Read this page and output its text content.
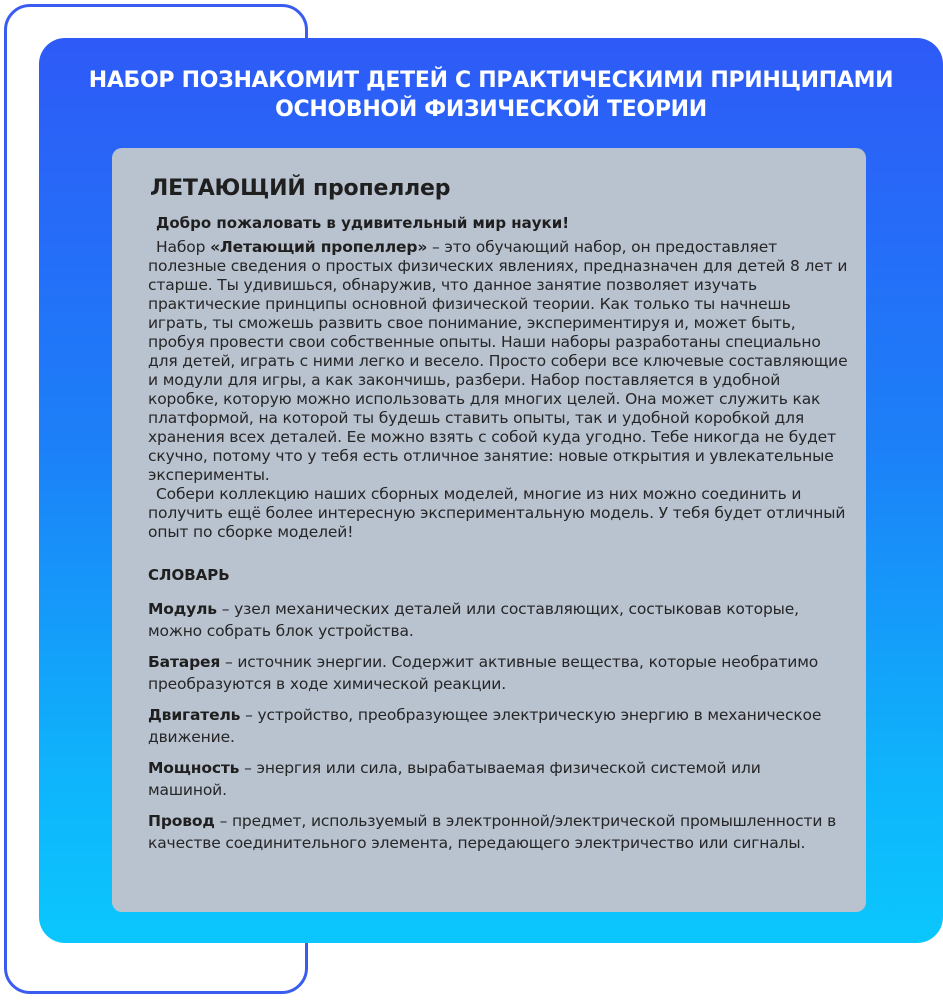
НАБОР ПОЗНАКОМИТ ДЕТЕЙ С ПРАКТИЧЕСКИМИ ПРИНЦИПАМИ
ОСНОВНОЙ ФИЗИЧЕСКОЙ ТЕОРИИ
ЛЕТАЮЩИЙ пропеллер

Добро пожаловать в удивительный мир науки!

Набор «Летающий пропеллер» – это обучающий набор, он предоставляет полезные сведения о простых физических явлениях, предназначен для детей 8 лет и старше. Ты удивишься, обнаружив, что данное занятие позволяет изучать практические принципы основной физической теории. Как только ты начнешь играть, ты сможешь развить свое понимание, экспериментируя и, может быть, пробуя провести свои собственные опыты. Наши наборы разработаны специально для детей, играть с ними легко и весело. Просто собери все ключевые составляющие и модули для игры, а как закончишь, разбери. Набор поставляется в удобной коробке, которую можно использовать для многих целей. Она может служить как платформой, на которой ты будешь ставить опыты, так и удобной коробкой для хранения всех деталей. Ее можно взять с собой куда угодно. Тебе никогда не будет скучно, потому что у тебя есть отличное занятие: новые открытия и увлекательные эксперименты.

Собери коллекцию наших сборных моделей, многие из них можно соединить и получить ещё более интересную экспериментальную модель. У тебя будет отличный опыт по сборке моделей!

СЛОВАРЬ
Модуль – узел механических деталей или составляющих, состыковав которые, можно собрать блок устройства.
Батарея – источник энергии. Содержит активные вещества, которые необратимо преобразуются в ходе химической реакции.
Двигатель – устройство, преобразующее электрическую энергию в механическое движение.
Мощность – энергия или сила, вырабатываемая физической системой или машиной.
Провод – предмет, используемый в электронной/электрической промышленности в качестве соединительного элемента, передающего электричество или сигналы.
